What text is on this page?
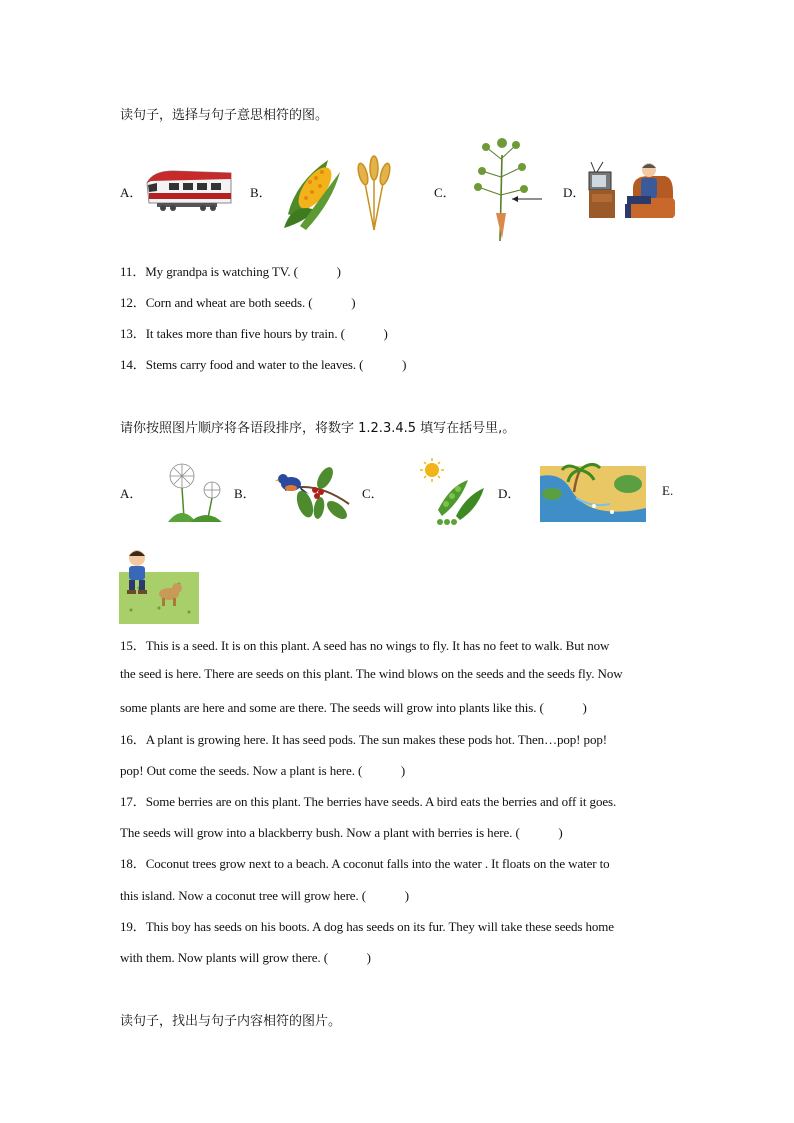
读句子，选择与句子意思相符的图。
A．	B．	C．	D．
11．My grandpa is watching TV. (　　　)
12．Corn and wheat are both seeds. (　　　)
13．It takes more than five hours by train. (　　　)
14．Stems carry food and water to the leaves. (　　　)
请你按照图片顺序将各语段排序，将数字 1.2.3.4.5 填写在括号里,。
A．	B．	C．	D．	E.
15．This is a seed. It is on this plant. A seed has no wings to fly. It has no feet to walk. But now
the seed is here. There are seeds on this plant. The wind blows on the seeds and the seeds fly. Now
some plants are here and some are there. The seeds will grow into plants like this. (　　　)
16．A plant is growing here. It has seed pods. The sun makes these pods hot. Then…pop! pop!
pop! Out come the seeds. Now a plant is here. (　　　)
17．Some berries are on this plant. The berries have seeds. A bird eats the berries and off it goes.
The seeds will grow into a blackberry bush. Now a plant with berries is here. (　　　)
18．Coconut trees grow next to a beach. A coconut falls into the water . It floats on the water to
this island. Now a coconut tree will grow here. (　　　)
19．This boy has seeds on his boots. A dog has seeds on its fur. They will take these seeds home
with them. Now plants will grow there. (　　　)
读句子，找出与句子内容相符的图片。
